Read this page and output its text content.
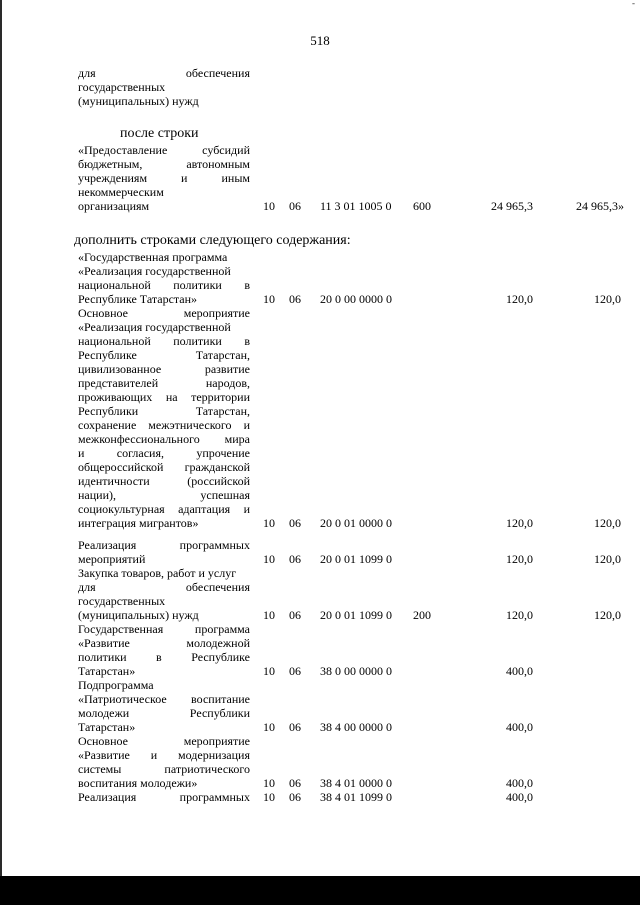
-
518
для обеспечения
государственных
(муниципальных) нужд
после строки
«Предоставление субсидий
бюджетным, автономным
учреждениям и иным
некоммерческим
организациям	10 06 11 3 01 1005 0 600	24 965,3	24 965,3»
дополнить строками следующего содержания:
«Государственная программа
«Реализация государственной
национальной политики в
Республике Татарстан»	10 06 20 0 00 0000 0	120,0	120,0
Основное мероприятие
«Реализация государственной
национальной политики в
Республике Татарстан,
цивилизованное развитие
представителей народов,
проживающих на территории
Республики Татарстан,
сохранение межэтнического и
межконфессионального мира
и согласия, упрочение
общероссийской гражданской
идентичности (российской
нации), успешная
социокультурная адаптация и
интеграция мигрантов»	10 06 20 0 01 0000 0	120,0	120,0
Реализация программных
мероприятий	10 06 20 0 01 1099 0	120,0	120,0
Закупка товаров, работ и услуг
для обеспечения
государственных
(муниципальных) нужд	10 06 20 0 01 1099 0 200	120,0	120,0
Государственная программа
«Развитие молодежной
политики в Республике
Татарстан»	10 06 38 0 00 0000 0	400,0
Подпрограмма
«Патриотическое воспитание
молодежи Республики
Татарстан»	10 06 38 4 00 0000 0	400,0
Основное мероприятие
«Развитие и модернизация
системы патриотического
воспитания молодежи»	10 06 38 4 01 0000 0	400,0
Реализация программных 10 06 38 4 01 1099 0	400,0
